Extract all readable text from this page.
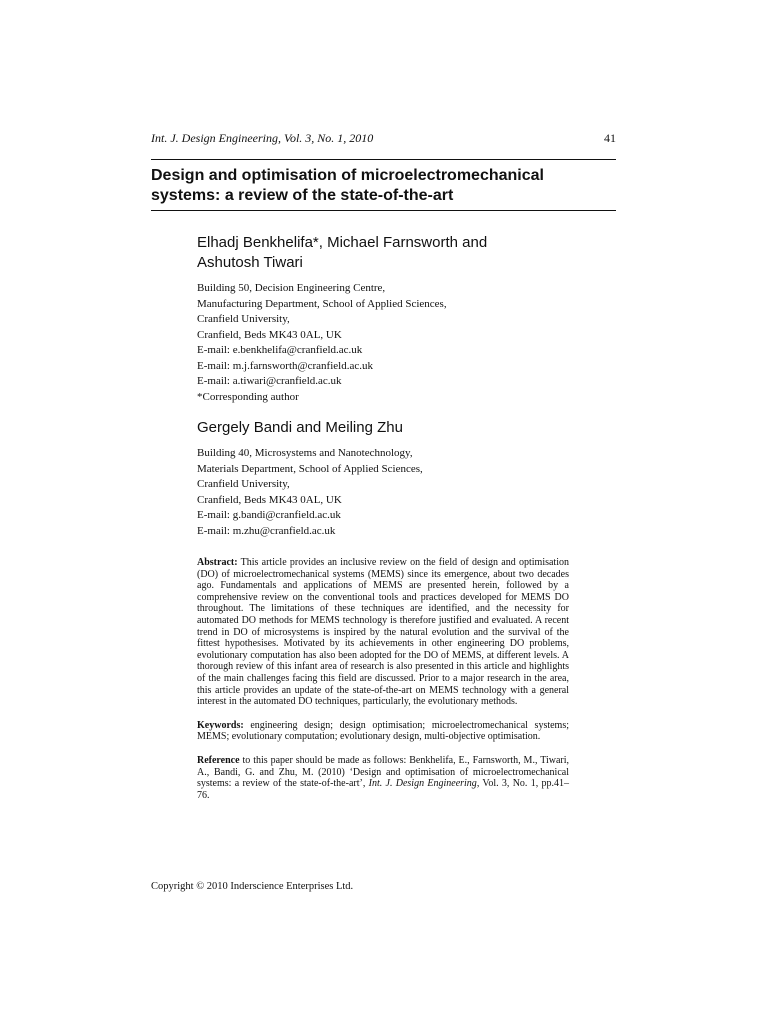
Int. J. Design Engineering, Vol. 3, No. 1, 2010	41
Design and optimisation of microelectromechanical systems: a review of the state-of-the-art
Elhadj Benkhelifa*, Michael Farnsworth and
Ashutosh Tiwari
Building 50, Decision Engineering Centre,
Manufacturing Department, School of Applied Sciences,
Cranfield University,
Cranfield, Beds MK43 0AL, UK
E-mail: e.benkhelifa@cranfield.ac.uk
E-mail: m.j.farnsworth@cranfield.ac.uk
E-mail: a.tiwari@cranfield.ac.uk
*Corresponding author
Gergely Bandi and Meiling Zhu
Building 40, Microsystems and Nanotechnology,
Materials Department, School of Applied Sciences,
Cranfield University,
Cranfield, Beds MK43 0AL, UK
E-mail: g.bandi@cranfield.ac.uk
E-mail: m.zhu@cranfield.ac.uk

Abstract: This article provides an inclusive review on the field of design and optimisation (DO) of microelectromechanical systems (MEMS) since its emergence, about two decades ago. Fundamentals and applications of MEMS are presented herein, followed by a comprehensive review on the conventional tools and practices developed for MEMS DO throughout. The limitations of these techniques are identified, and the necessity for automated DO methods for MEMS technology is therefore justified and evaluated. A recent trend in DO of microsystems is inspired by the natural evolution and the survival of the fittest hypothesises. Motivated by its achievements in other engineering DO problems, evolutionary computation has also been adopted for the DO of MEMS, at different levels. A thorough review of this infant area of research is also presented in this article and highlights of the main challenges facing this field are discussed. Prior to a major research in the area, this article provides an update of the state-of-the-art on MEMS technology with a general interest in the automated DO techniques, particularly, the evolutionary methods.

Keywords: engineering design; design optimisation; microelectromechanical systems; MEMS; evolutionary computation; evolutionary design, multi-objective optimisation.

Reference to this paper should be made as follows: Benkhelifa, E., Farnsworth, M., Tiwari, A., Bandi, G. and Zhu, M. (2010) ‘Design and optimisation of microelectromechanical systems: a review of the state-of-the-art’, Int. J. Design Engineering, Vol. 3, No. 1, pp.41–76.

Copyright © 2010 Inderscience Enterprises Ltd.
